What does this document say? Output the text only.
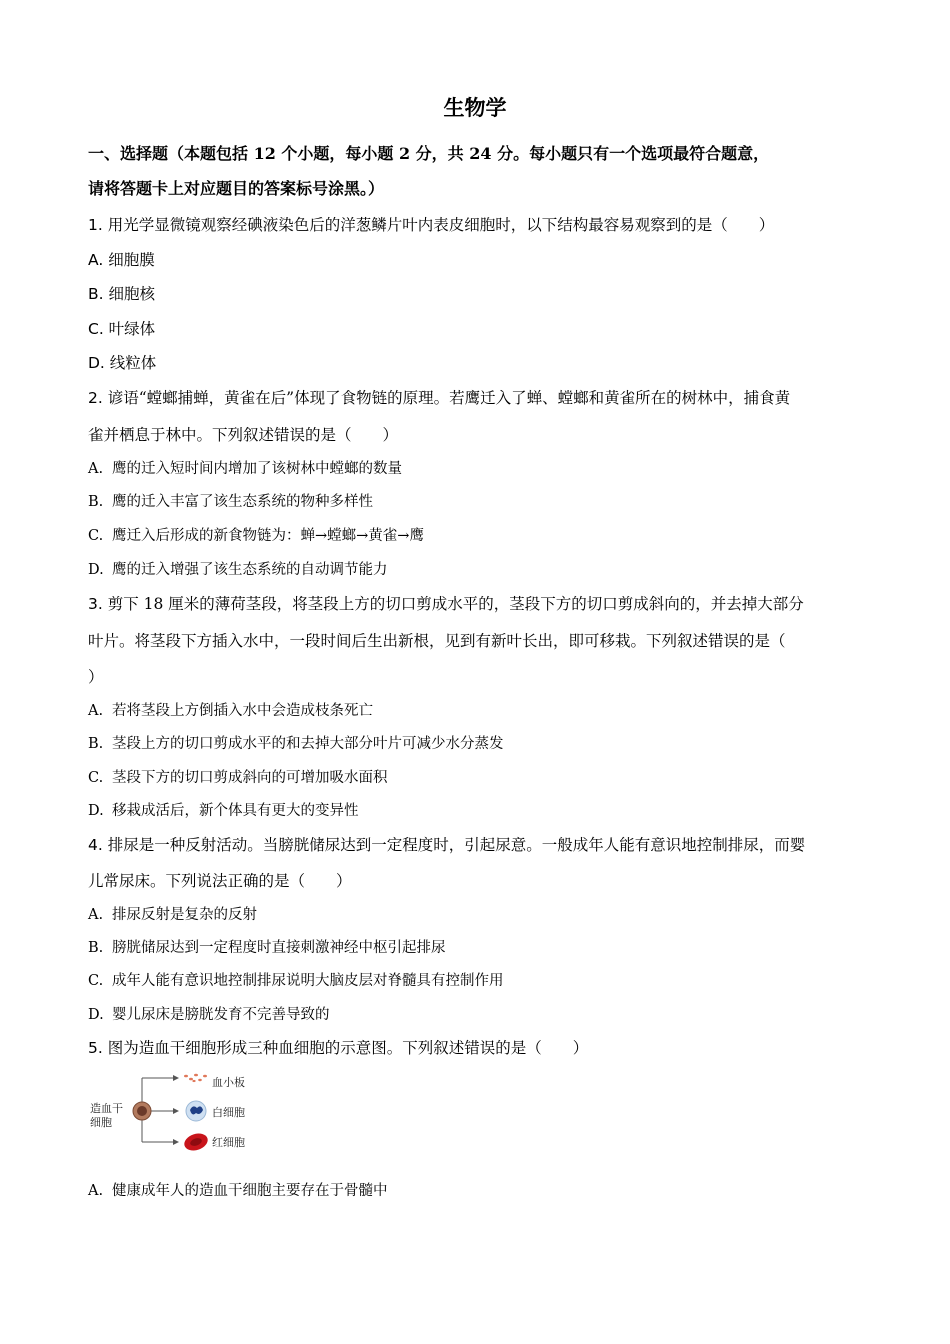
生物学
一、选择题（本题包括 12 个小题，每小题 2 分，共 24 分。每小题只有一个选项最符合题意，
请将答题卡上对应题目的答案标号涂黑。）
1. 用光学显微镜观察经碘液染色后的洋葱鳞片叶内表皮细胞时，以下结构最容易观察到的是（　　）
A. 细胞膜
B. 细胞核
C. 叶绿体
D. 线粒体
2. 谚语“螳螂捕蝉，黄雀在后”体现了食物链的原理。若鹰迁入了蝉、螳螂和黄雀所在的树林中，捕食黄
雀并栖息于林中。下列叙述错误的是（　　）
A. 鹰的迁入短时间内增加了该树林中螳螂的数量
B. 鹰的迁入丰富了该生态系统的物种多样性
C. 鹰迁入后形成的新食物链为：蝉→螳螂→黄雀→鹰
D. 鹰的迁入增强了该生态系统的自动调节能力
3. 剪下 18 厘米的薄荷茎段，将茎段上方的切口剪成水平的，茎段下方的切口剪成斜向的，并去掉大部分
叶片。将茎段下方插入水中，一段时间后生出新根，见到有新叶长出，即可移栽。下列叙述错误的是（
）
A. 若将茎段上方倒插入水中会造成枝条死亡
B. 茎段上方的切口剪成水平的和去掉大部分叶片可减少水分蒸发
C. 茎段下方的切口剪成斜向的可增加吸水面积
D. 移栽成活后，新个体具有更大的变异性
4. 排尿是一种反射活动。当膀胱储尿达到一定程度时，引起尿意。一般成年人能有意识地控制排尿，而婴
儿常尿床。下列说法正确的是（　　）
A. 排尿反射是复杂的反射
B. 膀胱储尿达到一定程度时直接刺激神经中枢引起排尿
C. 成年人能有意识地控制排尿说明大脑皮层对脊髓具有控制作用
D. 婴儿尿床是膀胱发育不完善导致的
5. 图为造血干细胞形成三种血细胞的示意图。下列叙述错误的是（　　）
造血干
细胞
血小板
白细胞
红细胞
A. 健康成年人的造血干细胞主要存在于骨髓中
